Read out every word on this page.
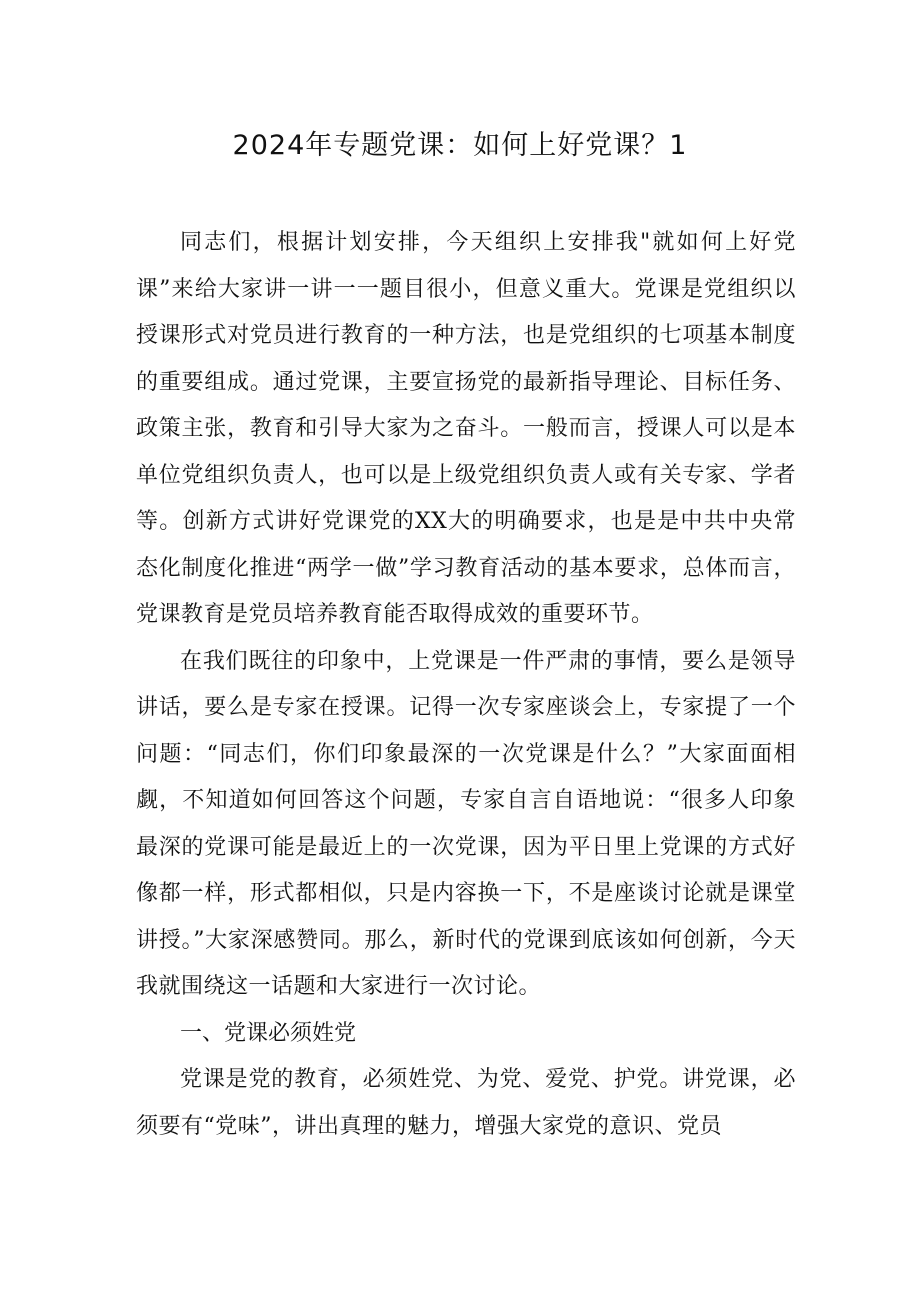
2024年专题党课：如何上好党课？1

同志们，根据计划安排，今天组织上安排我"就如何上好党课”来给大家讲一讲一一题目很小，但意义重大。党课是党组织以授课形式对党员进行教育的一种方法，也是党组织的七项基本制度的重要组成。通过党课，主要宣扬党的最新指导理论、目标任务、政策主张，教育和引导大家为之奋斗。一般而言，授课人可以是本单位党组织负责人，也可以是上级党组织负责人或有关专家、学者等。创新方式讲好党课党的XX大的明确要求，也是是中共中央常态化制度化推进“两学一做”学习教育活动的基本要求，总体而言，党课教育是党员培养教育能否取得成效的重要环节。

在我们既往的印象中，上党课是一件严肃的事情，要么是领导讲话，要么是专家在授课。记得一次专家座谈会上，专家提了一个问题：“同志们，你们印象最深的一次党课是什么？”大家面面相觑，不知道如何回答这个问题，专家自言自语地说：“很多人印象最深的党课可能是最近上的一次党课，因为平日里上党课的方式好像都一样，形式都相似，只是内容换一下，不是座谈讨论就是课堂讲授。”大家深感赞同。那么，新时代的党课到底该如何创新，今天我就围绕这一话题和大家进行一次讨论。

一、党课必须姓党

党课是党的教育，必须姓党、为党、爱党、护党。讲党课，必须要有“党味”，讲出真理的魅力，增强大家党的意识、党员
